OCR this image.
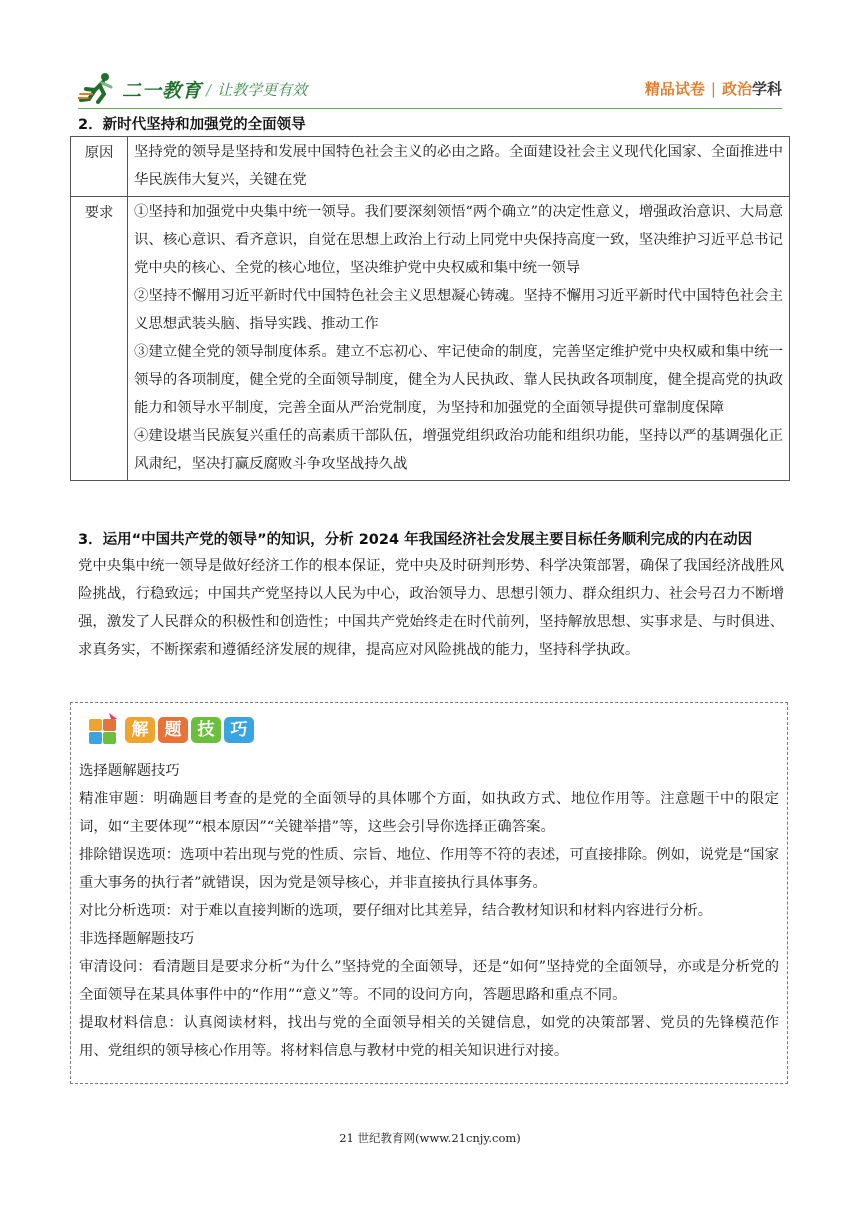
二一教育 / 让教学更有效	精品试卷 | 政治学科
2．新时代坚持和加强党的全面领导
原因	坚持党的领导是坚持和发展中国特色社会主义的必由之路。全面建设社会主义现代化国家、全面推进中华民族伟大复兴，关键在党

要求	①坚持和加强党中央集中统一领导。我们要深刻领悟“两个确立”的决定性意义，增强政治意识、大局意识、核心意识、看齐意识，自觉在思想上政治上行动上同党中央保持高度一致，坚决维护习近平总书记党中央的核心、全党的核心地位，坚决维护党中央权威和集中统一领导

②坚持不懈用习近平新时代中国特色社会主义思想凝心铸魂。坚持不懈用习近平新时代中国特色社会主义思想武装头脑、指导实践、推动工作

③建立健全党的领导制度体系。建立不忘初心、牢记使命的制度，完善坚定维护党中央权威和集中统一领导的各项制度，健全党的全面领导制度，健全为人民执政、靠人民执政各项制度，健全提高党的执政能力和领导水平制度，完善全面从严治党制度，为坚持和加强党的全面领导提供可靠制度保障

④建设堪当民族复兴重任的高素质干部队伍，增强党组织政治功能和组织功能，坚持以严的基调强化正风肃纪，坚决打赢反腐败斗争攻坚战持久战

3．运用“中国共产党的领导”的知识，分析 2024 年我国经济社会发展主要目标任务顺利完成的内在动因

党中央集中统一领导是做好经济工作的根本保证，党中央及时研判形势、科学决策部署，确保了我国经济战胜风险挑战，行稳致远；中国共产党坚持以人民为中心，政治领导力、思想引领力、群众组织力、社会号召力不断增强，激发了人民群众的积极性和创造性；中国共产党始终走在时代前列，坚持解放思想、实事求是、与时俱进、求真务实，不断探索和遵循经济发展的规律，提高应对风险挑战的能力，坚持科学执政。

解 题 技 巧

选择题解题技巧

精准审题：明确题目考查的是党的全面领导的具体哪个方面，如执政方式、地位作用等。注意题干中的限定词，如“主要体现”“根本原因”“关键举措”等，这些会引导你选择正确答案。

排除错误选项：选项中若出现与党的性质、宗旨、地位、作用等不符的表述，可直接排除。例如，说党是“国家重大事务的执行者”就错误，因为党是领导核心，并非直接执行具体事务。

对比分析选项：对于难以直接判断的选项，要仔细对比其差异，结合教材知识和材料内容进行分析。

非选择题解题技巧

审清设问：看清题目是要求分析“为什么”坚持党的全面领导，还是“如何”坚持党的全面领导，亦或是分析党的全面领导在某具体事件中的“作用”“意义”等。不同的设问方向，答题思路和重点不同。

提取材料信息：认真阅读材料，找出与党的全面领导相关的关键信息，如党的决策部署、党员的先锋模范作用、党组织的领导核心作用等。将材料信息与教材中党的相关知识进行对接。

21 世纪教育网(www.21cnjy.com)
